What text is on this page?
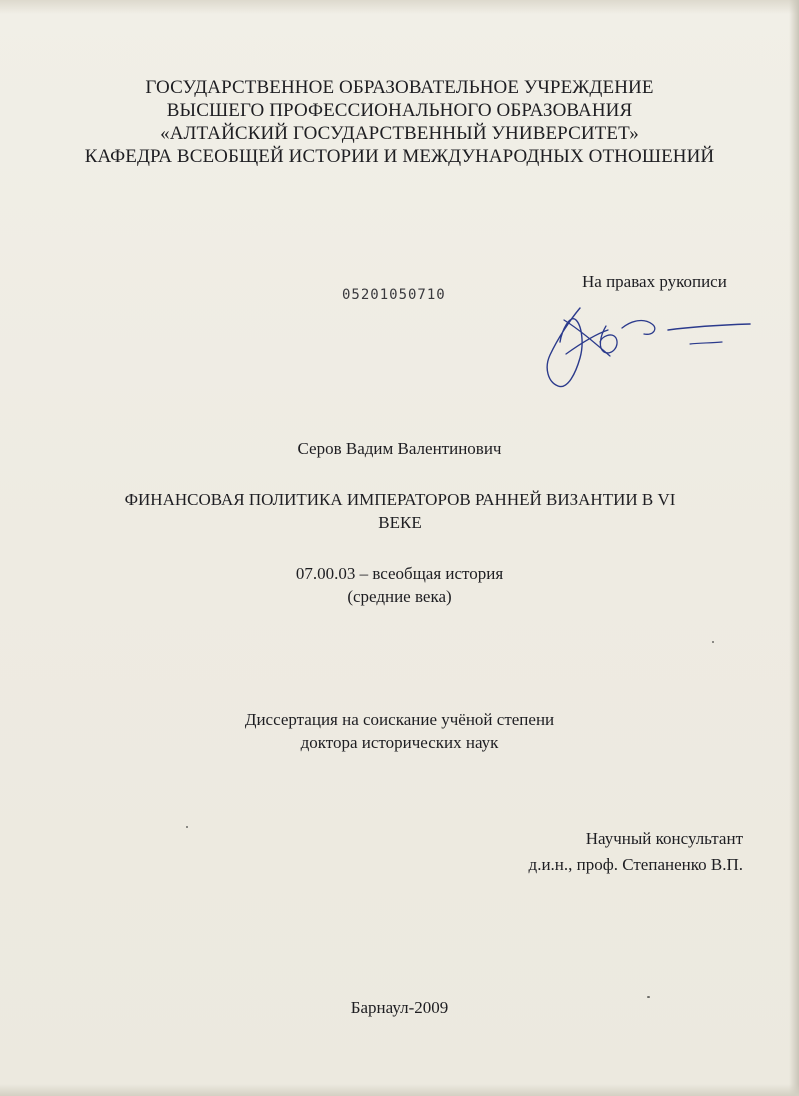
ГОСУДАРСТВЕННОЕ ОБРАЗОВАТЕЛЬНОЕ УЧРЕЖДЕНИЕ
ВЫСШЕГО ПРОФЕССИОНАЛЬНОГО ОБРАЗОВАНИЯ
«АЛТАЙСКИЙ ГОСУДАРСТВЕННЫЙ УНИВЕРСИТЕТ»
КАФЕДРА ВСЕОБЩЕЙ ИСТОРИИ И МЕЖДУНАРОДНЫХ ОТНОШЕНИЙ
05201050710
На правах рукописи
Серов Вадим Валентинович
ФИНАНСОВАЯ ПОЛИТИКА ИМПЕРАТОРОВ РАННЕЙ ВИЗАНТИИ В VI
ВЕКЕ
07.00.03 – всеобщая история
(средние века)
Диссертация на соискание учёной степени
доктора исторических наук
Научный консультант
д.и.н., проф. Степаненко В.П.
Барнаул-2009
